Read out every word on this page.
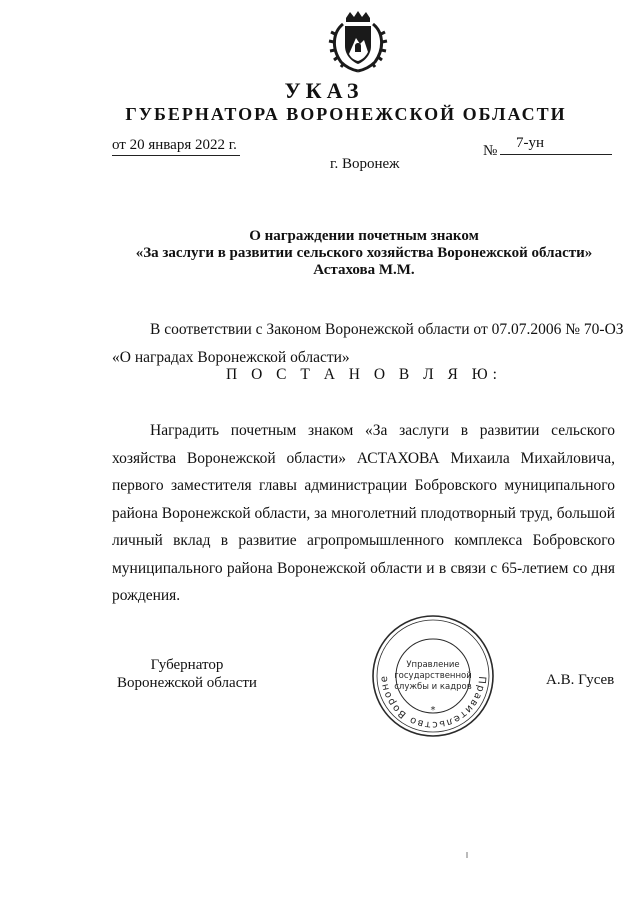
УКАЗ
ГУБЕРНАТОРА ВОРОНЕЖСКОЙ ОБЛАСТИ
от 20 января 2022 г.	№	7-ун
г. Воронеж
О награждении почетным знаком
«За заслуги в развитии сельского хозяйства Воронежской области»
Астахова М.М.
В соответствии с Законом Воронежской области от 07.07.2006 № 70-ОЗ
«О наградах Воронежской области»
П О С Т А Н О В Л Я Ю:
Наградить почетным знаком «За заслуги в развитии сельского
хозяйства Воронежской области» АСТАХОВА Михаила Михайловича,
первого заместителя главы администрации Бобровского муниципального
района Воронежской области, за многолетний плодотворный труд, большой
личный вклад в развитие агропромышленного комплекса Бобровского
муниципального района Воронежской области и в связи с 65-летием со дня
рождения.
Губернатор
Воронежской области	А.В. Гусев
Правительство Вороне
*
Управление
государственной
службы и кадров
